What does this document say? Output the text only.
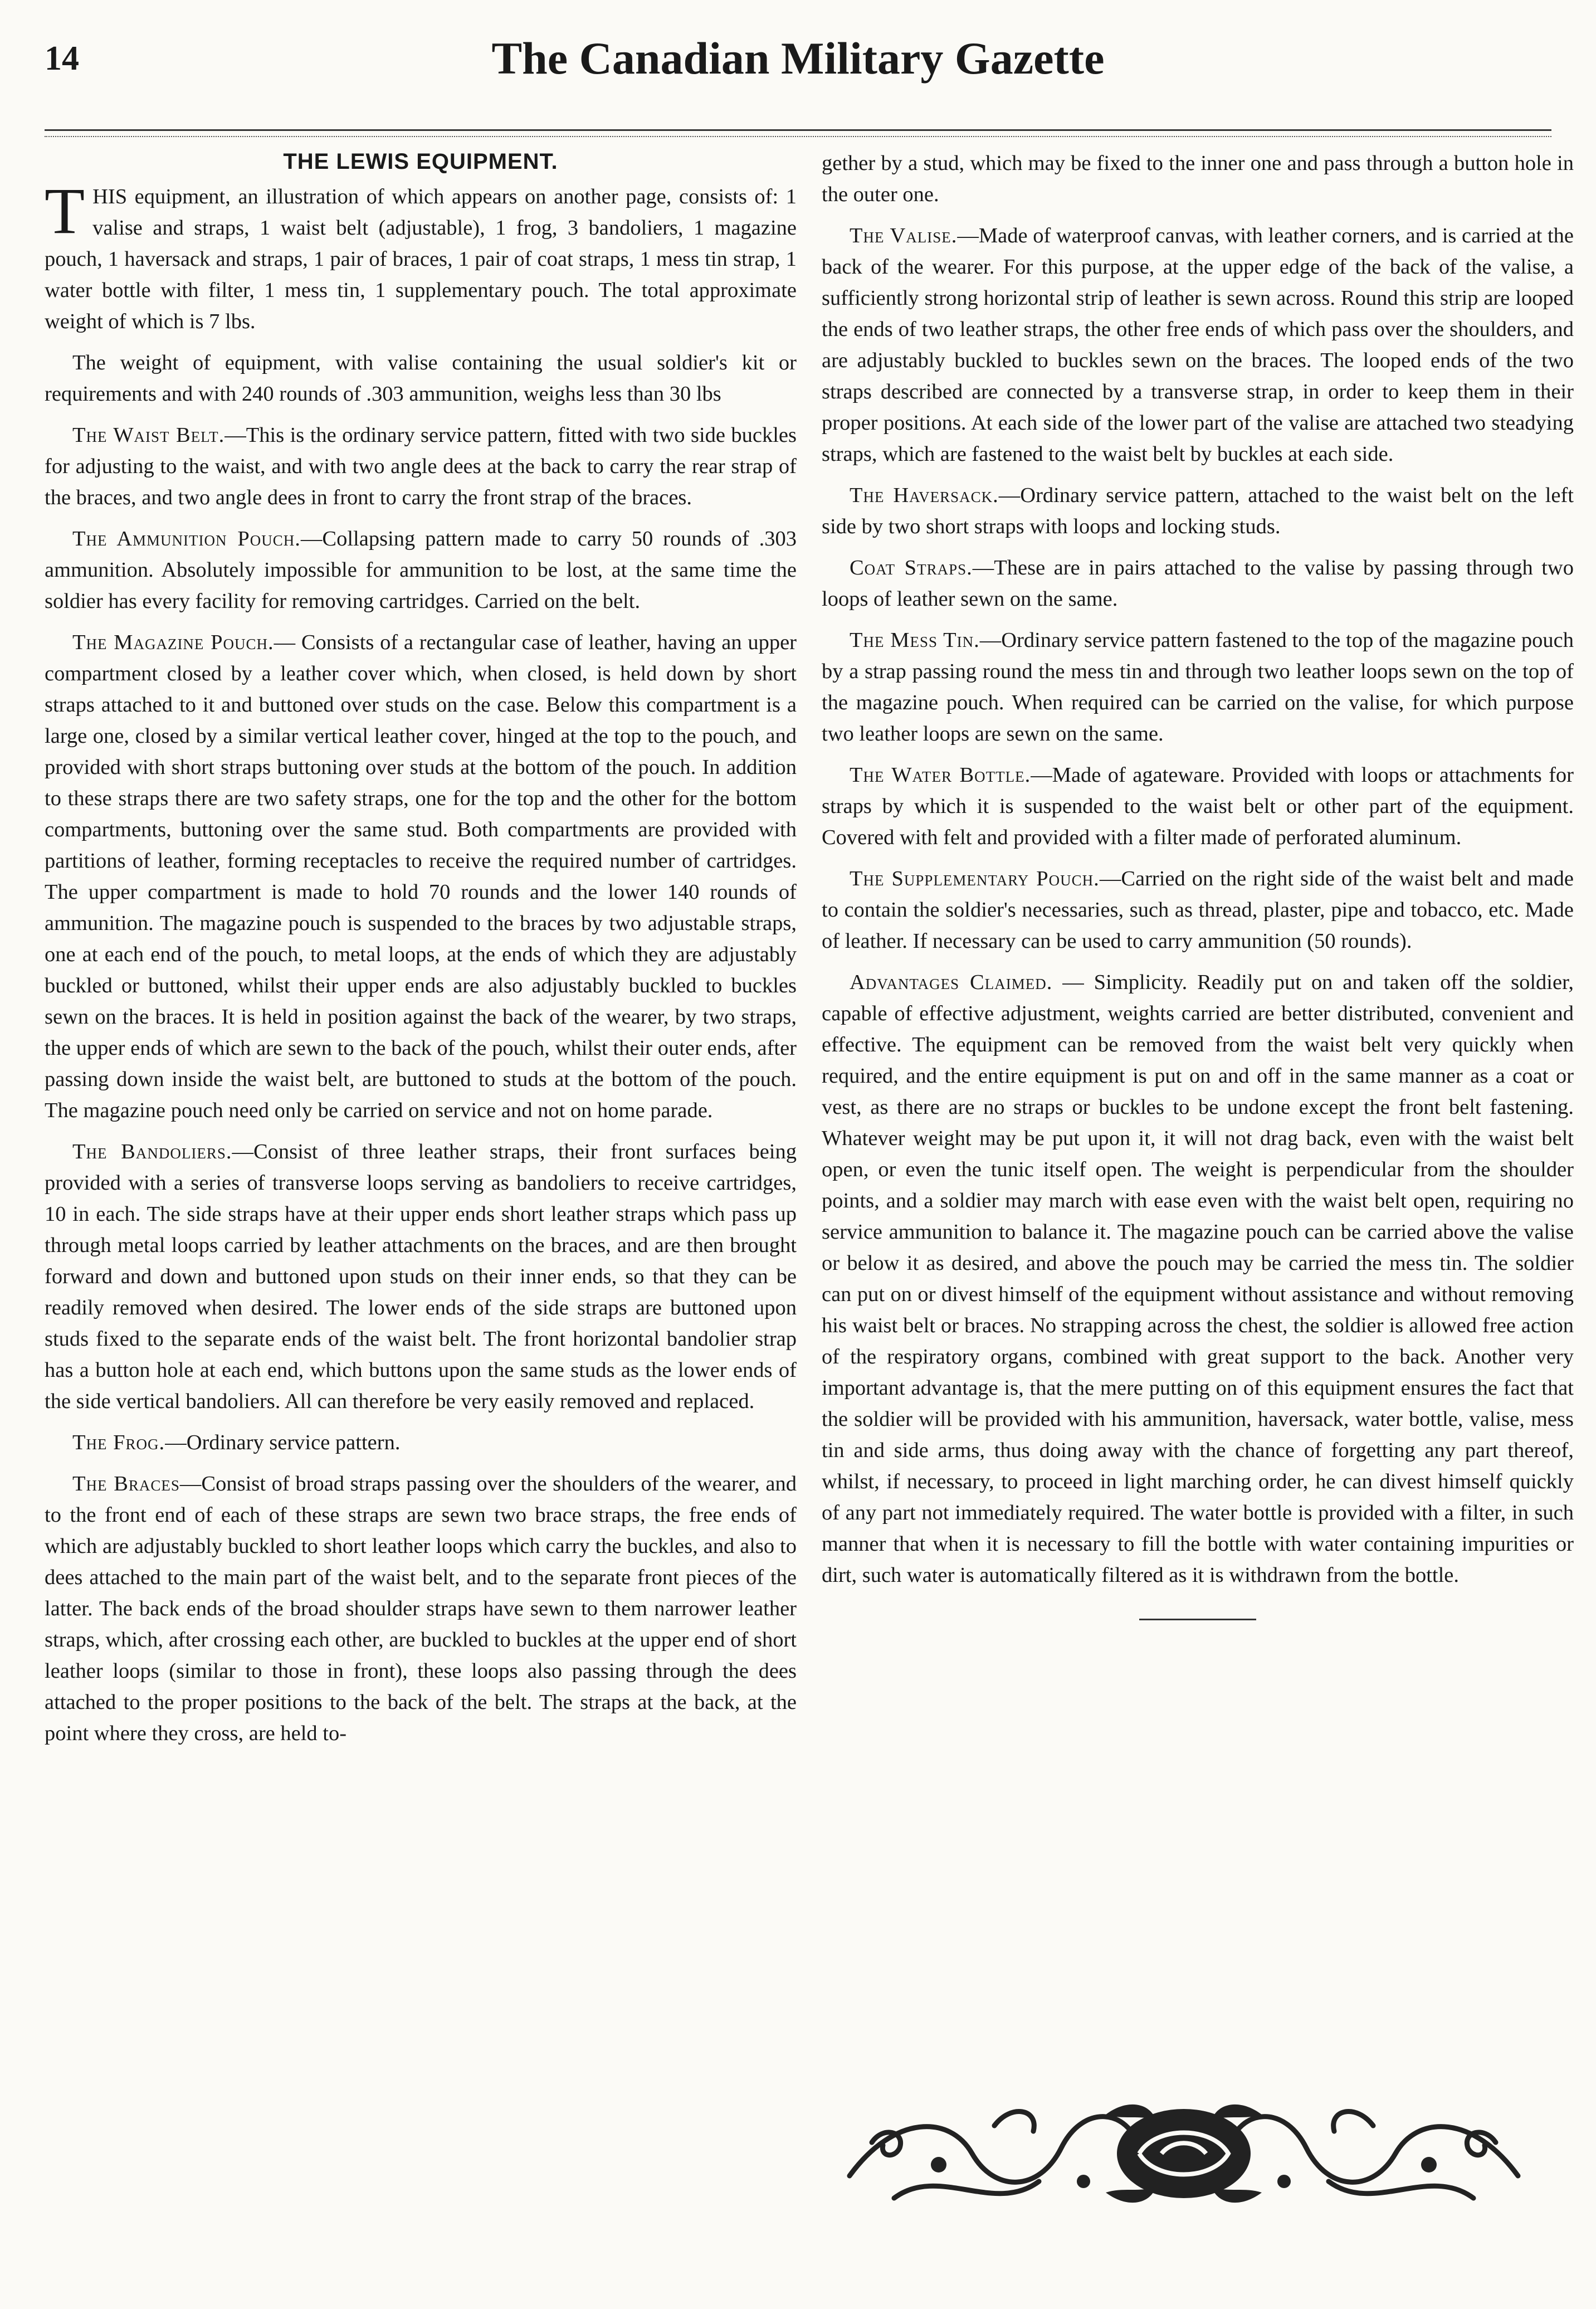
14	The Canadian Military Gazette
THE LEWIS EQUIPMENT.

THIS equipment, an illustration of which appears on another page, consists of: 1 valise and straps, 1 waist belt (adjustable), 1 frog, 3 bandoliers, 1 magazine pouch, 1 haversack and straps, 1 pair of braces, 1 pair of coat straps, 1 mess tin strap, 1 water bottle with filter, 1 mess tin, 1 supplementary pouch. The total approximate weight of which is 7 lbs.

The weight of equipment, with valise containing the usual soldier's kit or requirements and with 240 rounds of .303 ammunition, weighs less than 30 lbs

The Waist Belt.—This is the ordinary service pattern, fitted with two side buckles for adjusting to the waist, and with two angle dees at the back to carry the rear strap of the braces, and two angle dees in front to carry the front strap of the braces.

The Ammunition Pouch.—Collapsing pattern made to carry 50 rounds of .303 ammunition. Absolutely impossible for ammunition to be lost, at the same time the soldier has every facility for removing cartridges. Carried on the belt.

The Magazine Pouch.— Consists of a rectangular case of leather, having an upper compartment closed by a leather cover which, when closed, is held down by short straps attached to it and buttoned over studs on the case. Below this compartment is a large one, closed by a similar vertical leather cover, hinged at the top to the pouch, and provided with short straps buttoning over studs at the bottom of the pouch. In addition to these straps there are two safety straps, one for the top and the other for the bottom compartments, buttoning over the same stud. Both compartments are provided with partitions of leather, forming receptacles to receive the required number of cartridges. The upper compartment is made to hold 70 rounds and the lower 140 rounds of ammunition. The magazine pouch is suspended to the braces by two adjustable straps, one at each end of the pouch, to metal loops, at the ends of which they are adjustably buckled or buttoned, whilst their upper ends are also adjustably buckled to buckles sewn on the braces. It is held in position against the back of the wearer, by two straps, the upper ends of which are sewn to the back of the pouch, whilst their outer ends, after passing down inside the waist belt, are buttoned to studs at the bottom of the pouch. The magazine pouch need only be carried on service and not on home parade.

The Bandoliers.—Consist of three leather straps, their front surfaces being provided with a series of transverse loops serving as bandoliers to receive cartridges, 10 in each. The side straps have at their upper ends short leather straps which pass up through metal loops carried by leather attachments on the braces, and are then brought forward and down and buttoned upon studs on their inner ends, so that they can be readily removed when desired. The lower ends of the side straps are buttoned upon studs fixed to the separate ends of the waist belt. The front horizontal bandolier strap has a button hole at each end, which buttons upon the same studs as the lower ends of the side vertical bandoliers. All can therefore be very easily removed and replaced.

The Frog.—Ordinary service pattern.

The Braces—Consist of broad straps passing over the shoulders of the wearer, and to the front end of each of these straps are sewn two brace straps, the free ends of which are adjustably buckled to short leather loops which carry the buckles, and also to dees attached to the main part of the waist belt, and to the separate front pieces of the latter. The back ends of the broad shoulder straps have sewn to them narrower leather straps, which, after crossing each other, are buckled to buckles at the upper end of short leather loops (similar to those in front), these loops also passing through the dees attached to the proper positions to the back of the belt. The straps at the back, at the point where they cross, are held to-

gether by a stud, which may be fixed to the inner one and pass through a button hole in the outer one.

The Valise.—Made of waterproof canvas, with leather corners, and is carried at the back of the wearer. For this purpose, at the upper edge of the back of the valise, a sufficiently strong horizontal strip of leather is sewn across. Round this strip are looped the ends of two leather straps, the other free ends of which pass over the shoulders, and are adjustably buckled to buckles sewn on the braces. The looped ends of the two straps described are connected by a transverse strap, in order to keep them in their proper positions. At each side of the lower part of the valise are attached two steadying straps, which are fastened to the waist belt by buckles at each side.

The Haversack.—Ordinary service pattern, attached to the waist belt on the left side by two short straps with loops and locking studs.

Coat Straps.—These are in pairs attached to the valise by passing through two loops of leather sewn on the same.

The Mess Tin.—Ordinary service pattern fastened to the top of the magazine pouch by a strap passing round the mess tin and through two leather loops sewn on the top of the magazine pouch. When required can be carried on the valise, for which purpose two leather loops are sewn on the same.

The Water Bottle.—Made of agateware. Provided with loops or attachments for straps by which it is suspended to the waist belt or other part of the equipment. Covered with felt and provided with a filter made of perforated aluminum.

The Supplementary Pouch.—Carried on the right side of the waist belt and made to contain the soldier's necessaries, such as thread, plaster, pipe and tobacco, etc. Made of leather. If necessary can be used to carry ammunition (50 rounds).

Advantages Claimed. — Simplicity. Readily put on and taken off the soldier, capable of effective adjustment, weights carried are better distributed, convenient and effective. The equipment can be removed from the waist belt very quickly when required, and the entire equipment is put on and off in the same manner as a coat or vest, as there are no straps or buckles to be undone except the front belt fastening. Whatever weight may be put upon it, it will not drag back, even with the waist belt open, or even the tunic itself open. The weight is perpendicular from the shoulder points, and a soldier may march with ease even with the waist belt open, requiring no service ammunition to balance it. The magazine pouch can be carried above the valise or below it as desired, and above the pouch may be carried the mess tin. The soldier can put on or divest himself of the equipment without assistance and without removing his waist belt or braces. No strapping across the chest, the soldier is allowed free action of the respiratory organs, combined with great support to the back. Another very important advantage is, that the mere putting on of this equipment ensures the fact that the soldier will be provided with his ammunition, haversack, water bottle, valise, mess tin and side arms, thus doing away with the chance of forgetting any part thereof, whilst, if necessary, to proceed in light marching order, he can divest himself quickly of any part not immediately required. The water bottle is provided with a filter, in such manner that when it is necessary to fill the bottle with water containing impurities or dirt, such water is automatically filtered as it is withdrawn from the bottle.
